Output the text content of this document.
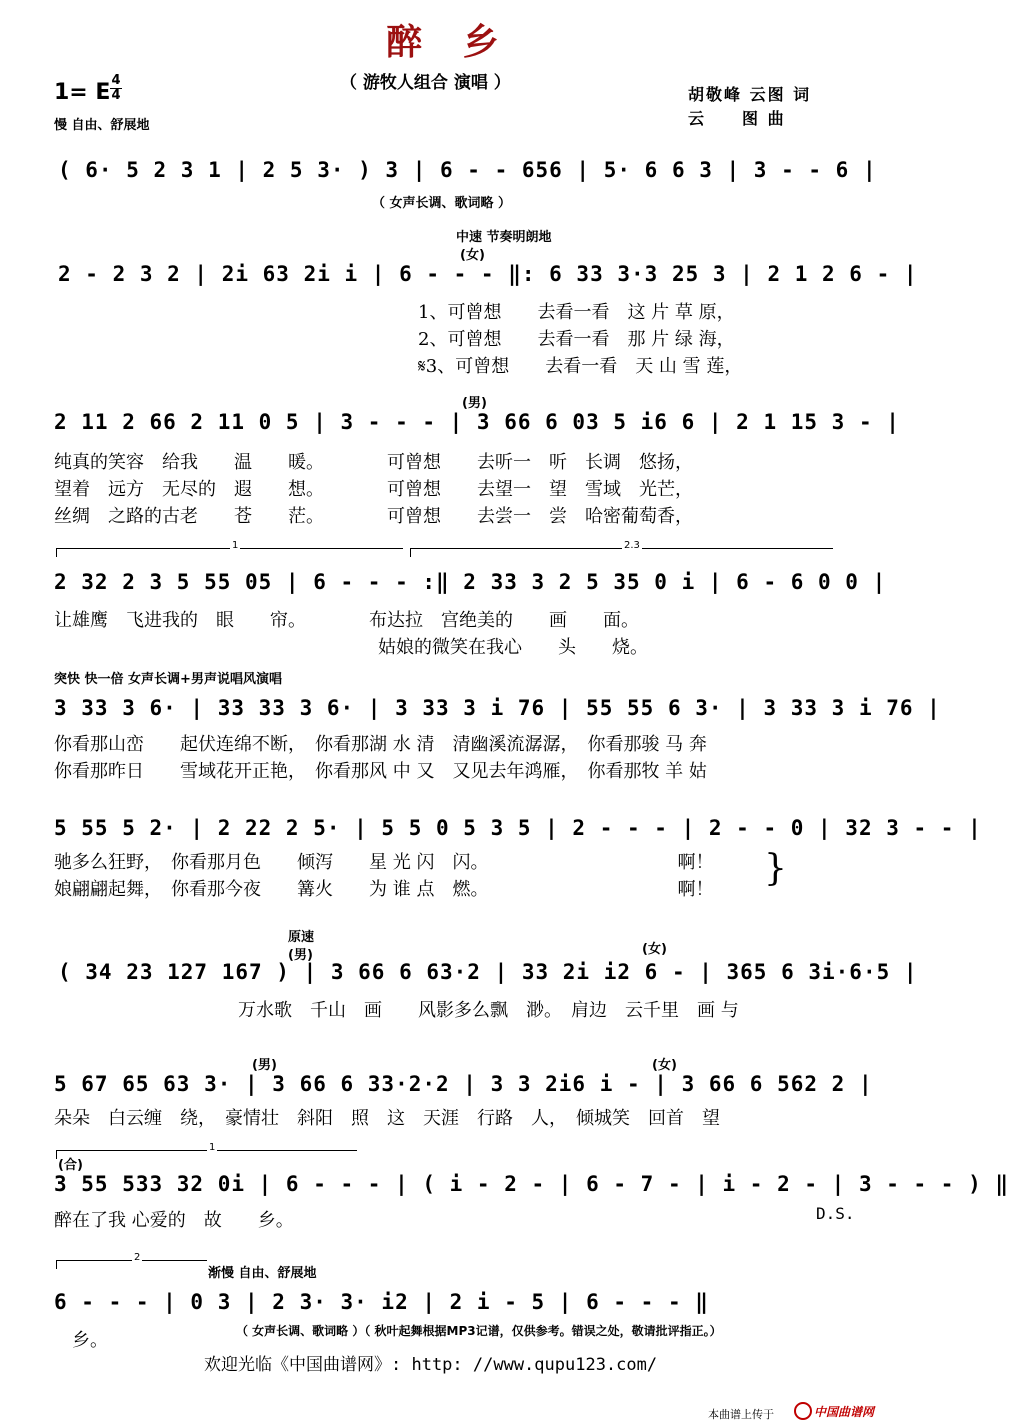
醉 乡
（ 游牧人组合 演唱 ）
1= E 4
4
慢 自由、舒展地
胡敬峰 云图 词
云　　图 曲
( 6· 5 2 3 1 | 2 5 3· ) 3 | 6 - - 656 | 5· 6 6 3 | 3 - - 6 |
（ 女声长调、歌词略 ）
中速 节奏明朗地
(女)
2 - 2 3 2 | 2i 63 2i i | 6 - - - ‖: 6 33 3·3 25 3 | 2 1 2 6 - |
1、可曾想　　去看一看　这 片 草 原，
2、可曾想　　去看一看　那 片 绿 海，
𝄋3、可曾想　　去看一看　天 山 雪 莲，
(男)
2 11 2 66 2 11 0 5 | 3 - - - | 3 66 6 03 5 i6 6 | 2 1 15 3 - |
纯真的笑容　给我　　温　　暖。　　　　可曾想　　去听一　听　长调　悠扬，
望着　远方　无尽的　遐　　想。　　　　可曾想　　去望一　望　雪域　光芒，
丝绸　之路的古老　　苍　　茫。　　　　可曾想　　去尝一　尝　哈密葡萄香，
1	2.3
2 32 2 3 5 55 05 | 6 - - - :‖ 2 33 3 2 5 35 0 i | 6 - 6 0 0 |
让雄鹰　飞进我的　眼　　帘。　　　　布达拉　宫绝美的　　画　　面。
　　　　　　　　　　　　　　　　　　姑娘的微笑在我心　　头　　烧。
突快 快一倍 女声长调+男声说唱风演唱
3 33 3 6· | 33 33 3 6· | 3 33 3 i 76 | 55 55 6 3· | 3 33 3 i 76 |
你看那山峦　　起伏连绵不断，　你看那湖 水 清　清幽溪流潺潺，　你看那骏 马 奔
你看那昨日　　雪域花开正艳，　你看那风 中 又　又见去年鸿雁，　你看那牧 羊 姑
5 55 5 2· | 2 22 2 5· | 5 5 0 5 3 5 | 2 - - - | 2 - - 0 | 32 3 - - |
驰多么狂野，　你看那月色　　倾泻　　星 光 闪　闪。　　　　　　　　　　　啊！
娘翩翩起舞，　你看那今夜　　篝火　　为 谁 点　燃。　　　　　　　　　　　啊！
}
原速
(男)	(女)
( 34 23 127 167 ) | 3 66 6 63·2 | 33 2i i2 6 - | 365 6 3i·6·5 |
　　　　　　　　　　万水歌　千山　画　　风影多么飘　渺。　肩边　云千里　画 与
(男)	(女)
5 67 65 63 3· | 3 66 6 33·2·2 | 3 3 2i6 i - | 3 66 6 562 2 |
朵朵　白云缠　绕，　豪情壮　斜阳　照　这　天涯　行路　人，　倾城笑　回首　望
1
(合)
3 55 533 32 0i | 6 - - - | ( i - 2 - | 6 - 7 - | i - 2 - | 3 - - - ) ‖
醉在了我 心爱的　故　　乡。	D.S.
2
渐慢 自由、舒展地
6 - - - | 0 3 | 2 3· 3· i2 | 2 i - 5 | 6 - - - ‖
（ 女声长调、歌词略 ）（ 秋叶起舞根据MP3记谱，仅供参考。错误之处，敬请批评指正。）
乡。
欢迎光临《中国曲谱网》: http: //www.qupu123.com/
本曲谱上传于	中国曲谱网
